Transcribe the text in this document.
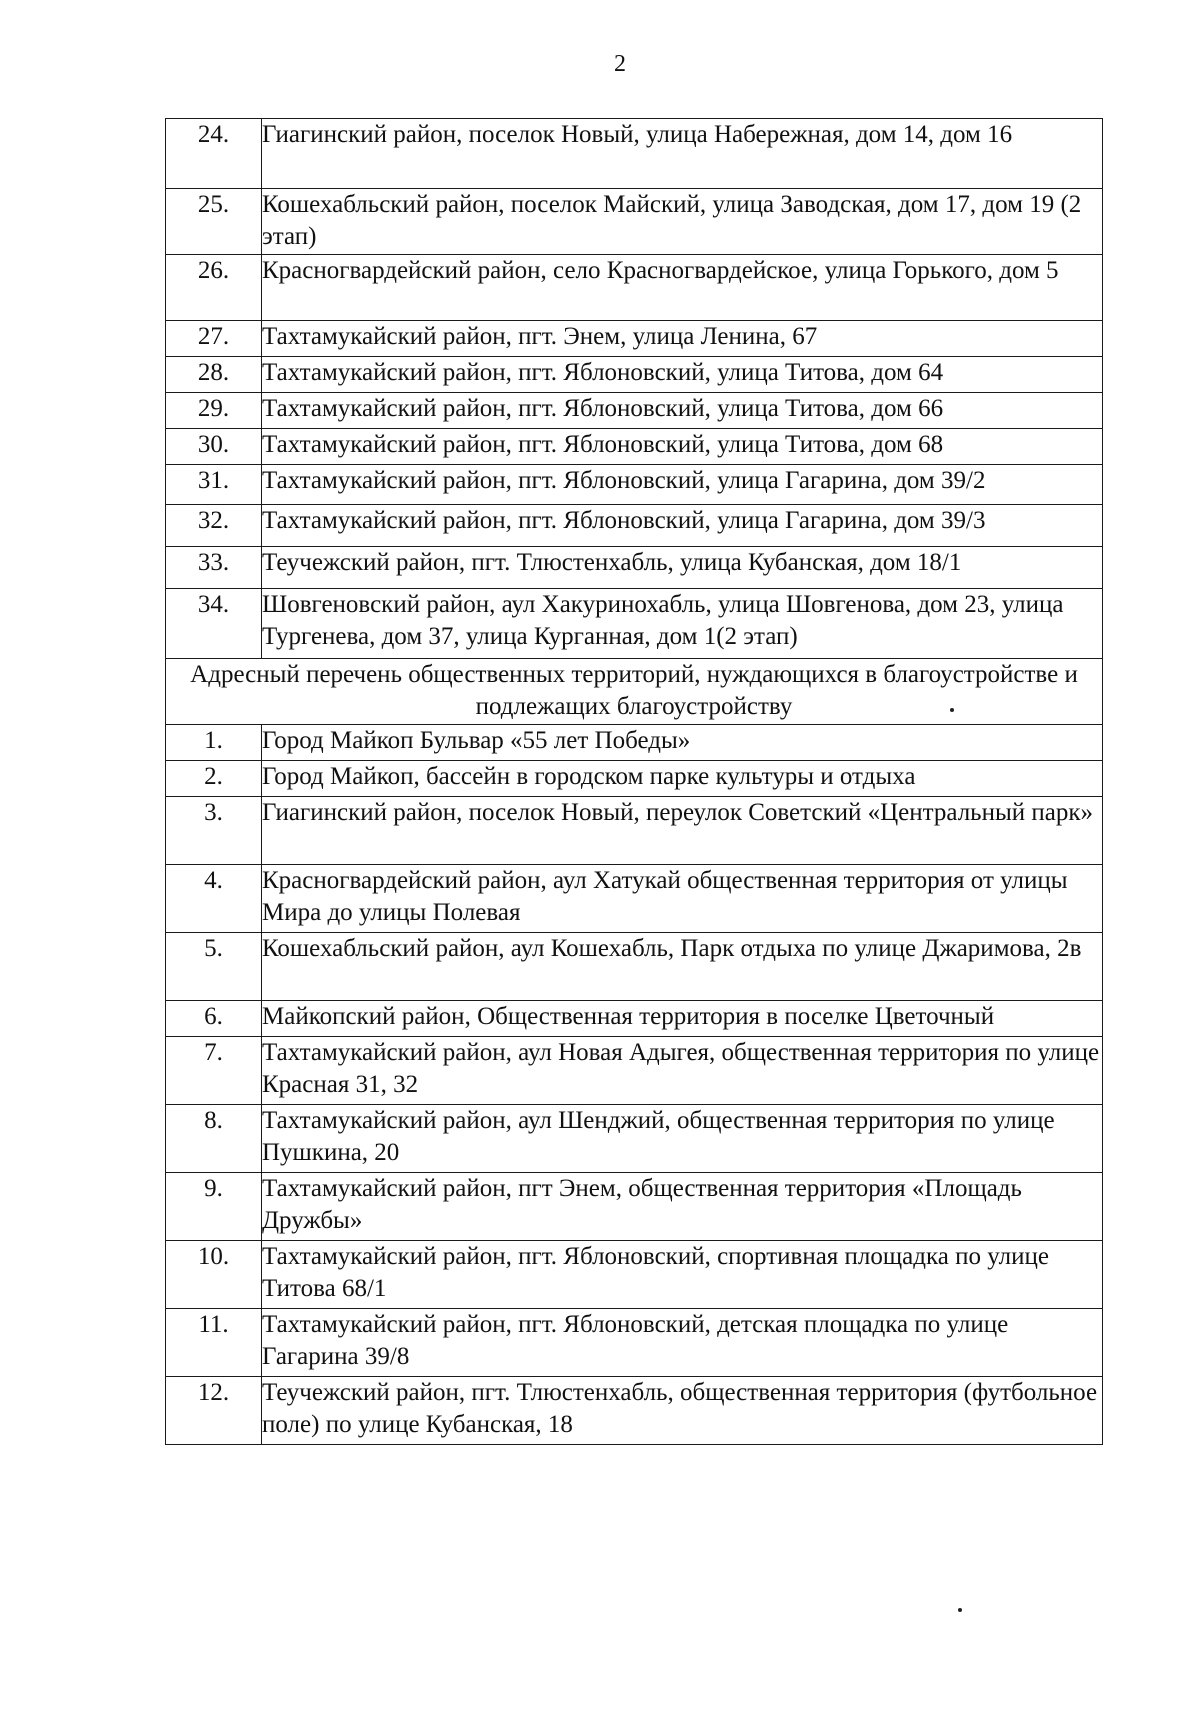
2
24.	Гиагинский район, поселок Новый, улица Набережная, дом 14, дом 16
25.	Кошехабльский район, поселок Майский, улица Заводская, дом 17, дом 19 (2 этап)
26.	Красногвардейский район, село Красногвардейское, улица Горького, дом 5
27.	Тахтамукайский район, пгт. Энем, улица Ленина, 67
28.	Тахтамукайский район, пгт. Яблоновский, улица Титова, дом 64
29.	Тахтамукайский район, пгт. Яблоновский, улица Титова, дом 66
30.	Тахтамукайский район, пгт. Яблоновский, улица Титова, дом 68
31.	Тахтамукайский район, пгт. Яблоновский, улица Гагарина, дом 39/2
32.	Тахтамукайский район, пгт. Яблоновский, улица Гагарина, дом 39/3
33.	Теучежский район, пгт. Тлюстенхабль, улица Кубанская, дом 18/1
34.	Шовгеновский район, аул Хакуринохабль, улица Шовгенова, дом 23, улица Тургенева, дом 37, улица Курганная, дом 1(2 этап)
Адресный перечень общественных территорий, нуждающихся в благоустройстве и подлежащих благоустройству	
1.	Город Майкоп Бульвар «55 лет Победы»
2.	Город Майкоп, бассейн в городском парке культуры и отдыха
3.	Гиагинский район, поселок Новый, переулок Советский «Центральный парк»
4.	Красногвардейский район, аул Хатукай общественная территория от улицы Мира до улицы Полевая
5.	Кошехабльский район, аул Кошехабль, Парк отдыха по улице Джаримова, 2в
6.	Майкопский район, Общественная территория в поселке Цветочный
7.	Тахтамукайский район, аул Новая Адыгея, общественная территория по улице Красная 31, 32
8.	Тахтамукайский район, аул Шенджий, общественная территория по улице Пушкина, 20
9.	Тахтамукайский район, пгт Энем, общественная территория «Площадь Дружбы»
10.	Тахтамукайский район, пгт. Яблоновский, спортивная площадка по улице Титова 68/1
11.	Тахтамукайский район, пгт. Яблоновский, детская площадка по улице Гагарина 39/8
12.	Теучежский район, пгт. Тлюстенхабль, общественная территория (футбольное поле) по улице Кубанская, 18
